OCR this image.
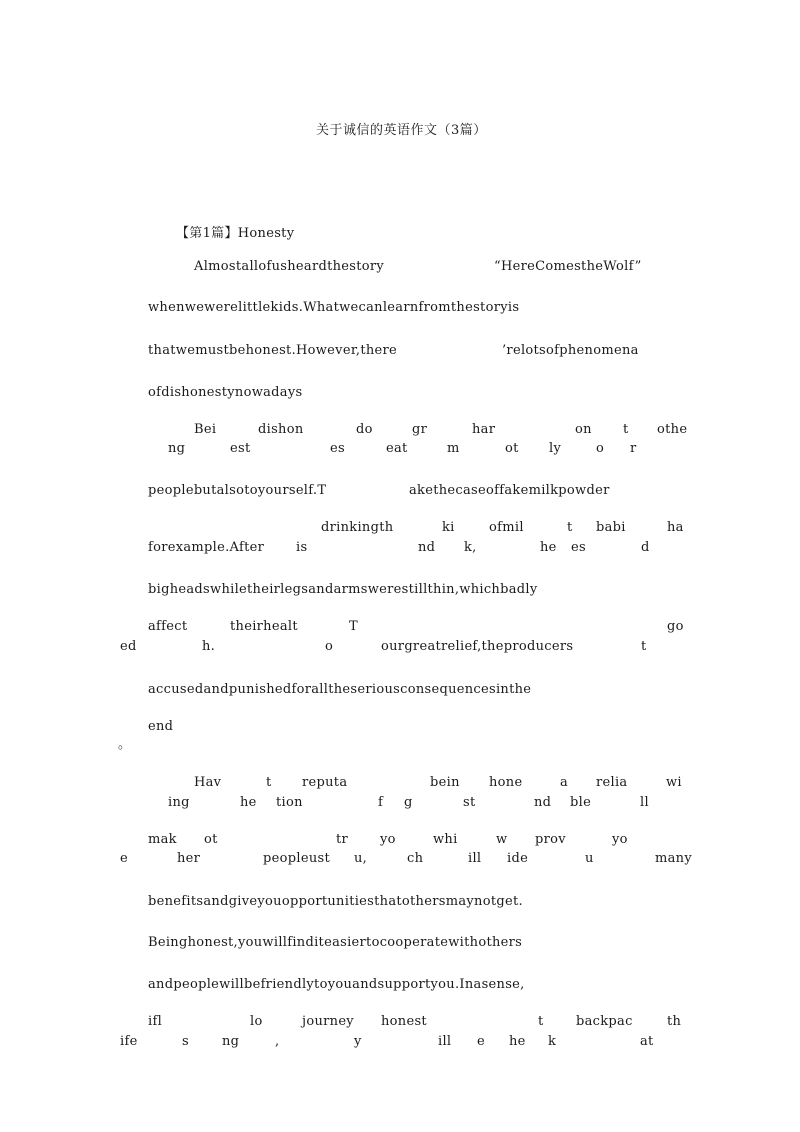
关于诚信的英语作文（3篇）
【第1篇】Honesty
Almostallofusheardthestory	“HereComestheWolf”
whenwewerelittlekids.Whatwecanlearnfromthestoryis
thatwemustbehonest.However,there	’relotsofphenomena
ofdishonestynowadays
Bei	dishon	do	gr	har	on t othe
ng	est	es	eat	m	ot ly	o r
peoplebutalsotoyourself.T	akethecaseoffakemilkpowder
drinkingth	ki	ofmil	t babi	ha
forexample.After is	nd k,	he es	d
bigheadswhiletheirlegsandarmswerestillthin,whichbadly
affect	theirhealt	T	go
ed	h.	o	ourgreatrelief,theproducers	t
accusedandpunishedforalltheseriousconsequencesinthe
end
。
Hav	t reputa	bein hone	a relia	wi
ing	he tion	f g	st	nd ble	ll
mak ot	tr yo	whi	w prov	yo
e	her	peopleust u,	ch	ill ide	u	many
benefitsandgiveyouopportunitiesthatothersmaynotget.
Beinghonest,youwillfinditeasiertocooperatewithothers
andpeoplewillbefriendlytoyouandsupportyou.Inasense,
ifl	lo	journey honest	t backpac	th
ife	s	ng	,	y	ill e he k	at
